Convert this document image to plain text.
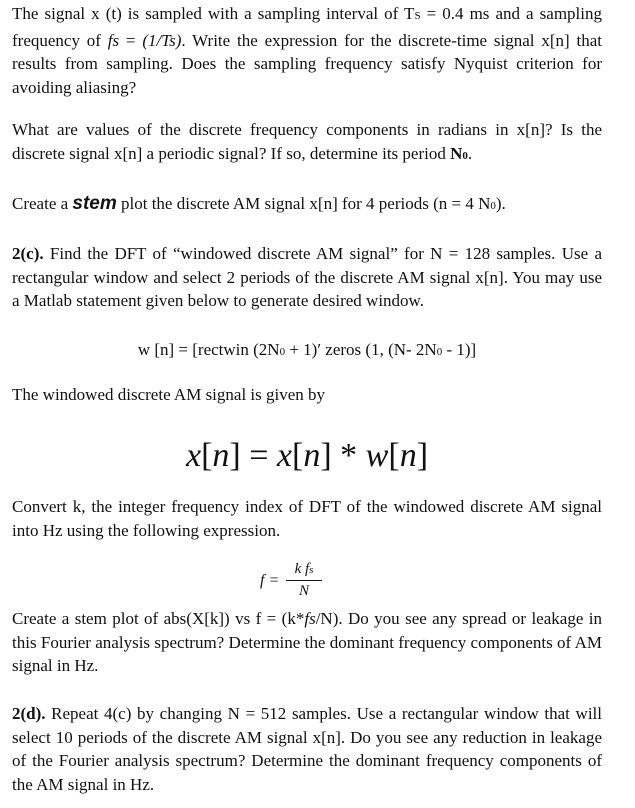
The signal x (t) is sampled with a sampling interval of TS = 0.4 ms and a sampling frequency of fs = (1/Ts). Write the expression for the discrete-time signal x[n] that results from sampling. Does the sampling frequency satisfy Nyquist criterion for avoiding aliasing?
What are values of the discrete frequency components in radians in x[n]? Is the discrete signal x[n] a periodic signal? If so, determine its period N0.
Create a stem plot the discrete AM signal x[n] for 4 periods (n = 4 N0).
2(c). Find the DFT of “windowed discrete AM signal” for N = 128 samples. Use a rectangular window and select 2 periods of the discrete AM signal x[n]. You may use a Matlab statement given below to generate desired window.
w [n] = [rectwin (2N0 + 1)′ zeros (1, (N- 2N0 - 1)]
The windowed discrete AM signal is given by
x[n] = x[n] * w[n]
Convert k, the integer frequency index of DFT of the windowed discrete AM signal into Hz using the following expression.
f =
k fs
N
Create a stem plot of abs(X[k]) vs f = (k*fs/N). Do you see any spread or leakage in this Fourier analysis spectrum? Determine the dominant frequency components of AM signal in Hz.
2(d). Repeat 4(c) by changing N = 512 samples. Use a rectangular window that will select 10 periods of the discrete AM signal x[n]. Do you see any reduction in leakage of the Fourier analysis spectrum? Determine the dominant frequency components of the AM signal in Hz.
